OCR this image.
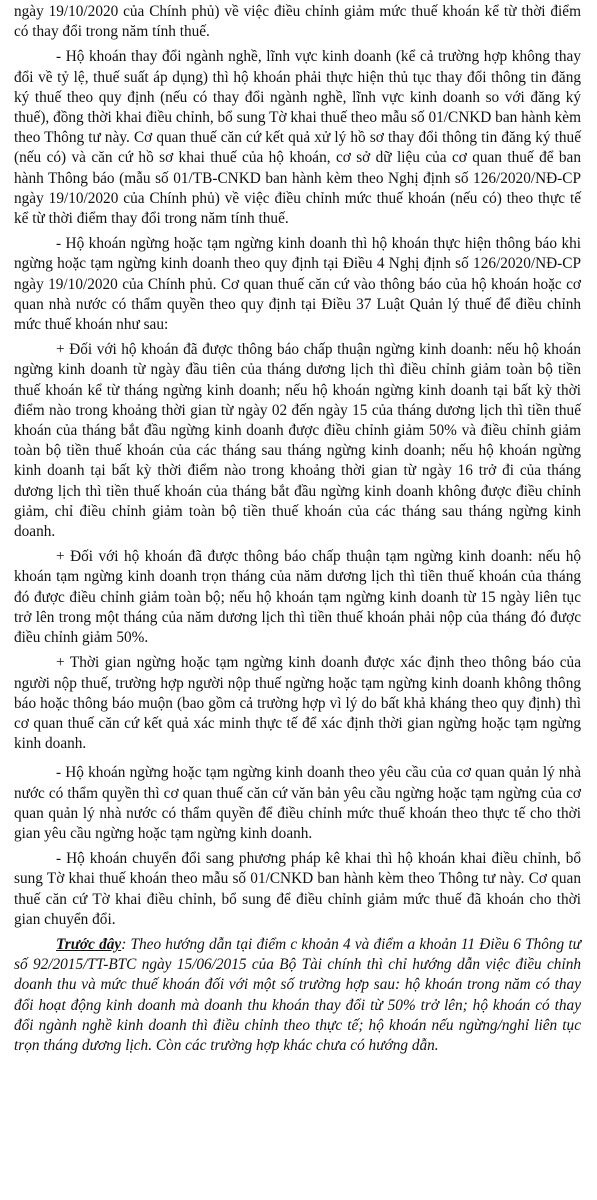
ngày 19/10/2020 của Chính phủ) về việc điều chỉnh giảm mức thuế khoán kể từ thời điểm có thay đổi trong năm tính thuế.

- Hộ khoán thay đổi ngành nghề, lĩnh vực kinh doanh (kể cả trường hợp không thay đổi về tỷ lệ, thuế suất áp dụng) thì hộ khoán phải thực hiện thủ tục thay đổi thông tin đăng ký thuế theo quy định (nếu có thay đổi ngành nghề, lĩnh vực kinh doanh so với đăng ký thuế), đồng thời khai điều chỉnh, bổ sung Tờ khai thuế theo mẫu số 01/CNKD ban hành kèm theo Thông tư này. Cơ quan thuế căn cứ kết quả xử lý hồ sơ thay đổi thông tin đăng ký thuế (nếu có) và căn cứ hồ sơ khai thuế của hộ khoán, cơ sở dữ liệu của cơ quan thuế để ban hành Thông báo (mẫu số 01/TB-CNKD ban hành kèm theo Nghị định số 126/2020/NĐ-CP ngày 19/10/2020 của Chính phủ) về việc điều chỉnh mức thuế khoán (nếu có) theo thực tế kể từ thời điểm thay đổi trong năm tính thuế.

- Hộ khoán ngừng hoặc tạm ngừng kinh doanh thì hộ khoán thực hiện thông báo khi ngừng hoặc tạm ngừng kinh doanh theo quy định tại Điều 4 Nghị định số 126/2020/NĐ-CP ngày 19/10/2020 của Chính phủ. Cơ quan thuế căn cứ vào thông báo của hộ khoán hoặc cơ quan nhà nước có thẩm quyền theo quy định tại Điều 37 Luật Quản lý thuế để điều chỉnh mức thuế khoán như sau:

+ Đối với hộ khoán đã được thông báo chấp thuận ngừng kinh doanh: nếu hộ khoán ngừng kinh doanh từ ngày đầu tiên của tháng dương lịch thì điều chỉnh giảm toàn bộ tiền thuế khoán kể từ tháng ngừng kinh doanh; nếu hộ khoán ngừng kinh doanh tại bất kỳ thời điểm nào trong khoảng thời gian từ ngày 02 đến ngày 15 của tháng dương lịch thì tiền thuế khoán của tháng bắt đầu ngừng kinh doanh được điều chỉnh giảm 50% và điều chỉnh giảm toàn bộ tiền thuế khoán của các tháng sau tháng ngừng kinh doanh; nếu hộ khoán ngừng kinh doanh tại bất kỳ thời điểm nào trong khoảng thời gian từ ngày 16 trở đi của tháng dương lịch thì tiền thuế khoán của tháng bắt đầu ngừng kinh doanh không được điều chỉnh giảm, chỉ điều chỉnh giảm toàn bộ tiền thuế khoán của các tháng sau tháng ngừng kinh doanh.

+ Đối với hộ khoán đã được thông báo chấp thuận tạm ngừng kinh doanh: nếu hộ khoán tạm ngừng kinh doanh trọn tháng của năm dương lịch thì tiền thuế khoán của tháng đó được điều chỉnh giảm toàn bộ; nếu hộ khoán tạm ngừng kinh doanh từ 15 ngày liên tục trở lên trong một tháng của năm dương lịch thì tiền thuế khoán phải nộp của tháng đó được điều chỉnh giảm 50%.

+ Thời gian ngừng hoặc tạm ngừng kinh doanh được xác định theo thông báo của người nộp thuế, trường hợp người nộp thuế ngừng hoặc tạm ngừng kinh doanh không thông báo hoặc thông báo muộn (bao gồm cả trường hợp vì lý do bất khả kháng theo quy định) thì cơ quan thuế căn cứ kết quả xác minh thực tế để xác định thời gian ngừng hoặc tạm ngừng kinh doanh.

- Hộ khoán ngừng hoặc tạm ngừng kinh doanh theo yêu cầu của cơ quan quản lý nhà nước có thẩm quyền thì cơ quan thuế căn cứ văn bản yêu cầu ngừng hoặc tạm ngừng của cơ quan quản lý nhà nước có thẩm quyền để điều chỉnh mức thuế khoán theo thực tế cho thời gian yêu cầu ngừng hoặc tạm ngừng kinh doanh.

- Hộ khoán chuyển đổi sang phương pháp kê khai thì hộ khoán khai điều chỉnh, bổ sung Tờ khai thuế khoán theo mẫu số 01/CNKD ban hành kèm theo Thông tư này. Cơ quan thuế căn cứ Tờ khai điều chỉnh, bổ sung để điều chỉnh giảm mức thuế đã khoán cho thời gian chuyển đổi.

Trước đây: Theo hướng dẫn tại điểm c khoản 4 và điểm a khoản 11 Điều 6 Thông tư số 92/2015/TT-BTC ngày 15/06/2015 của Bộ Tài chính thì chỉ hướng dẫn việc điều chỉnh doanh thu và mức thuế khoán đối với một số trường hợp sau: hộ khoán trong năm có thay đổi hoạt động kinh doanh mà doanh thu khoán thay đổi từ 50% trở lên; hộ khoán có thay đổi ngành nghề kinh doanh thì điều chỉnh theo thực tế; hộ khoán nếu ngừng/nghỉ liên tục trọn tháng dương lịch. Còn các trường hợp khác chưa có hướng dẫn.
